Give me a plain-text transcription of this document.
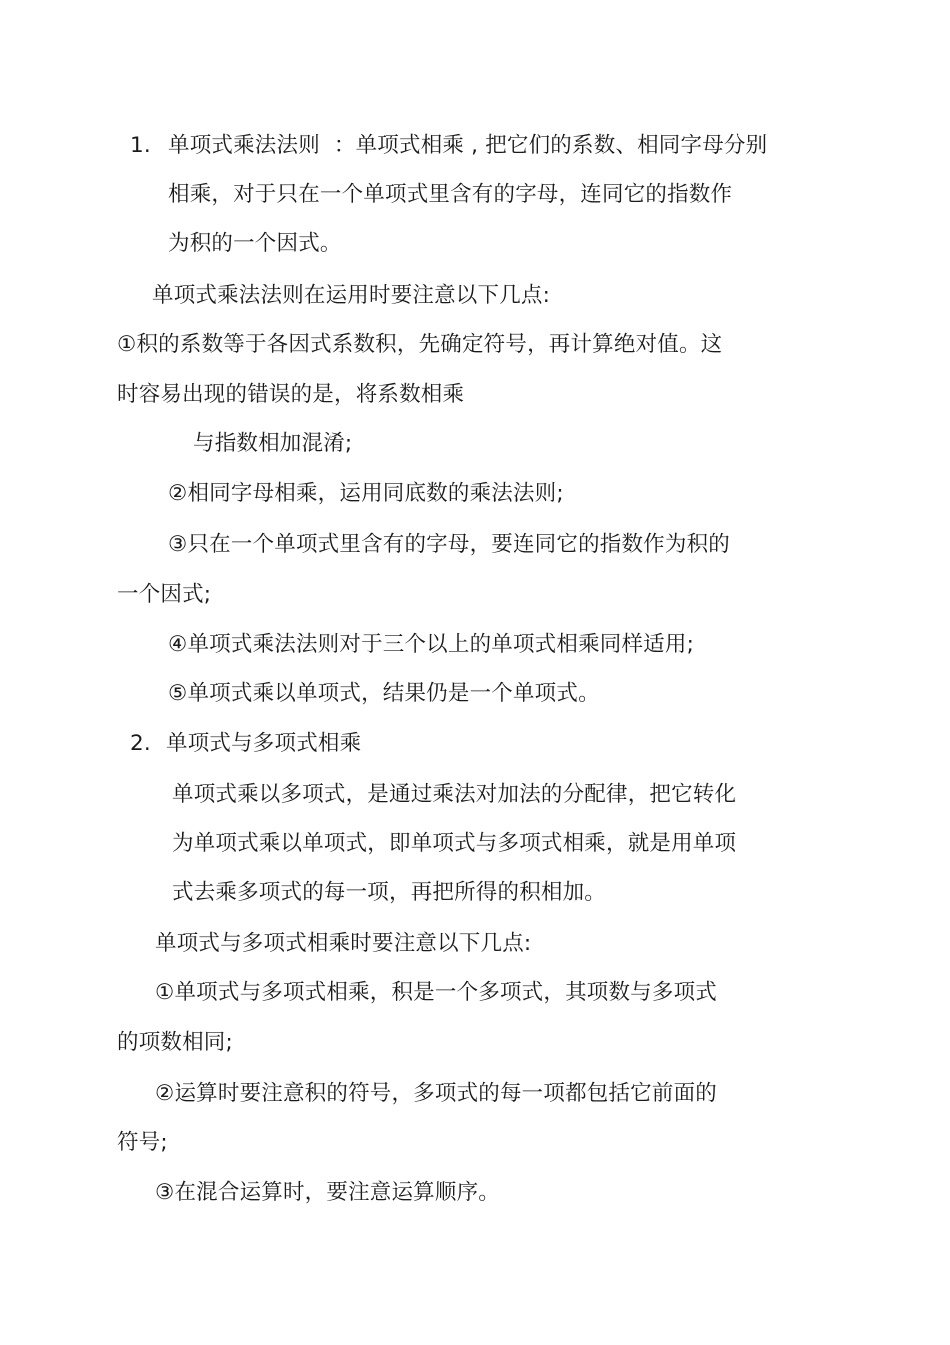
1. 单项式乘法法则 ：单项式相乘 , 把它们的系数、相同字母分别
相乘，对于只在一个单项式里含有的字母，连同它的指数作
为积的一个因式。
单项式乘法法则在运用时要注意以下几点:
①积的系数等于各因式系数积，先确定符号，再计算绝对值。这
时容易出现的错误的是，将系数相乘
与指数相加混淆;
②相同字母相乘，运用同底数的乘法法则;
③只在一个单项式里含有的字母，要连同它的指数作为积的
一个因式;
④单项式乘法法则对于三个以上的单项式相乘同样适用;
⑤单项式乘以单项式，结果仍是一个单项式。
2. 单项式与多项式相乘
单项式乘以多项式，是通过乘法对加法的分配律，把它转化
为单项式乘以单项式，即单项式与多项式相乘，就是用单项
式去乘多项式的每一项，再把所得的积相加。
单项式与多项式相乘时要注意以下几点:
①单项式与多项式相乘，积是一个多项式，其项数与多项式
的项数相同;
②运算时要注意积的符号，多项式的每一项都包括它前面的
符号;
③在混合运算时，要注意运算顺序。
